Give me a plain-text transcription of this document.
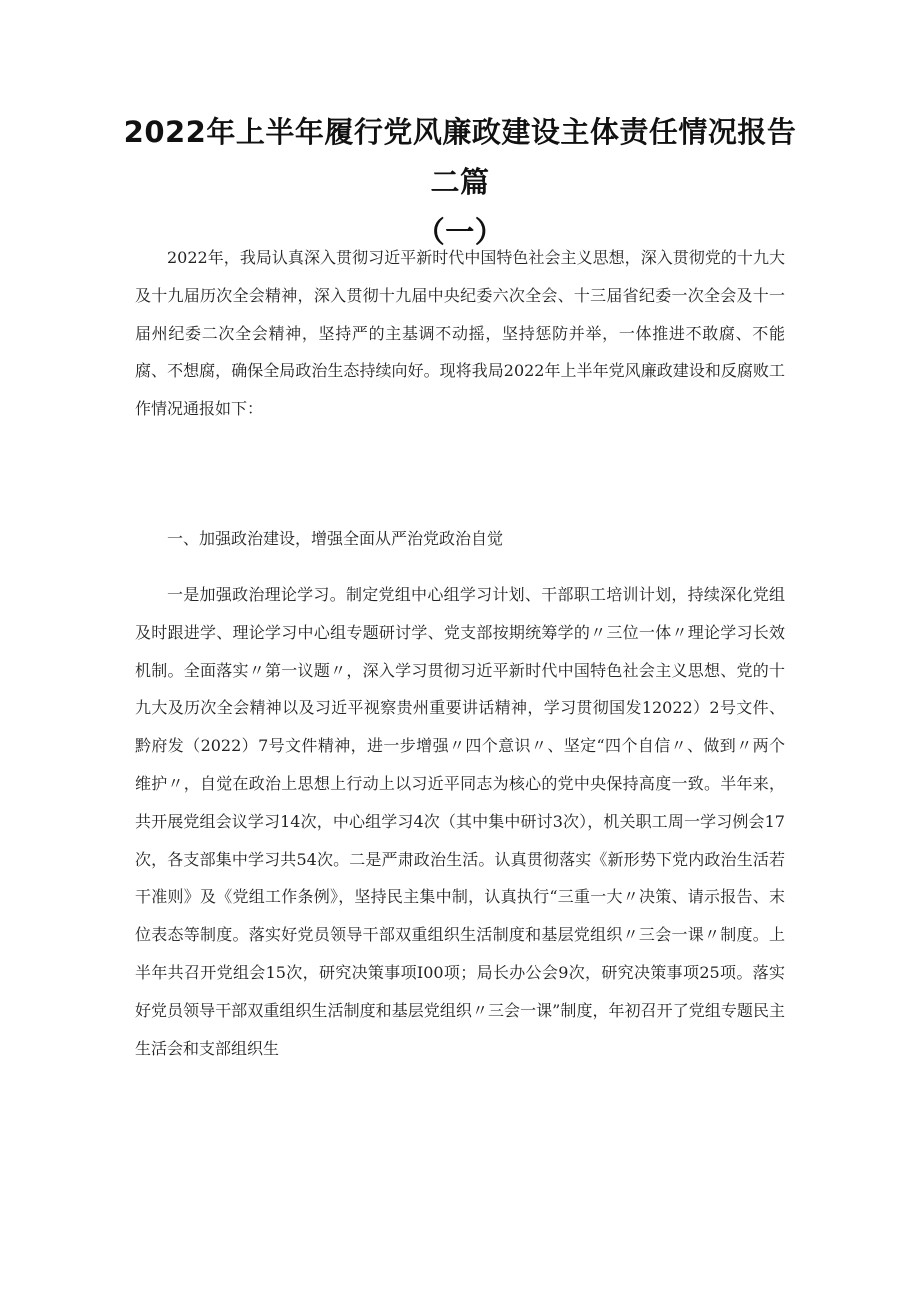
2022年上半年履行党风廉政建设主体责任情况报告
二篇
（一）

2022年，我局认真深入贯彻习近平新时代中国特色社会主义思想，深入贯彻党的十九大及十九届历次全会精神，深入贯彻十九届中央纪委六次全会、十三届省纪委一次全会及十一届州纪委二次全会精神，坚持严的主基调不动摇，坚持惩防并举，一体推进不敢腐、不能腐、不想腐，确保全局政治生态持续向好。现将我局2022年上半年党风廉政建设和反腐败工作情况通报如下：

一、加强政治建设，增强全面从严治党政治自觉

一是加强政治理论学习。制定党组中心组学习计划、干部职工培训计划，持续深化党组及时跟进学、理论学习中心组专题研讨学、党支部按期统筹学的〃三位一体〃理论学习长效机制。全面落实〃第一议题〃，深入学习贯彻习近平新时代中国特色社会主义思想、党的十九大及历次全会精神以及习近平视察贵州重要讲话精神，学习贯彻国发12022）2号文件、黔府发（2022）7号文件精神，进一步增强〃四个意识〃、坚定“四个自信〃、做到〃两个维护〃，自觉在政治上思想上行动上以习近平同志为核心的党中央保持高度一致。半年来，共开展党组会议学习14次，中心组学习4次（其中集中研讨3次），机关职工周一学习例会17次，各支部集中学习共54次。二是严肃政治生活。认真贯彻落实《新形势下党内政治生活若干准则》及《党组工作条例》，坚持民主集中制，认真执行“三重一大〃决策、请示报告、末位表态等制度。落实好党员领导干部双重组织生活制度和基层党组织〃三会一课〃制度。上半年共召开党组会15次，研究决策事项I00项；局长办公会9次，研究决策事项25项。落实好党员领导干部双重组织生活制度和基层党组织〃三会一课”制度，年初召开了党组专题民主生活会和支部组织生
